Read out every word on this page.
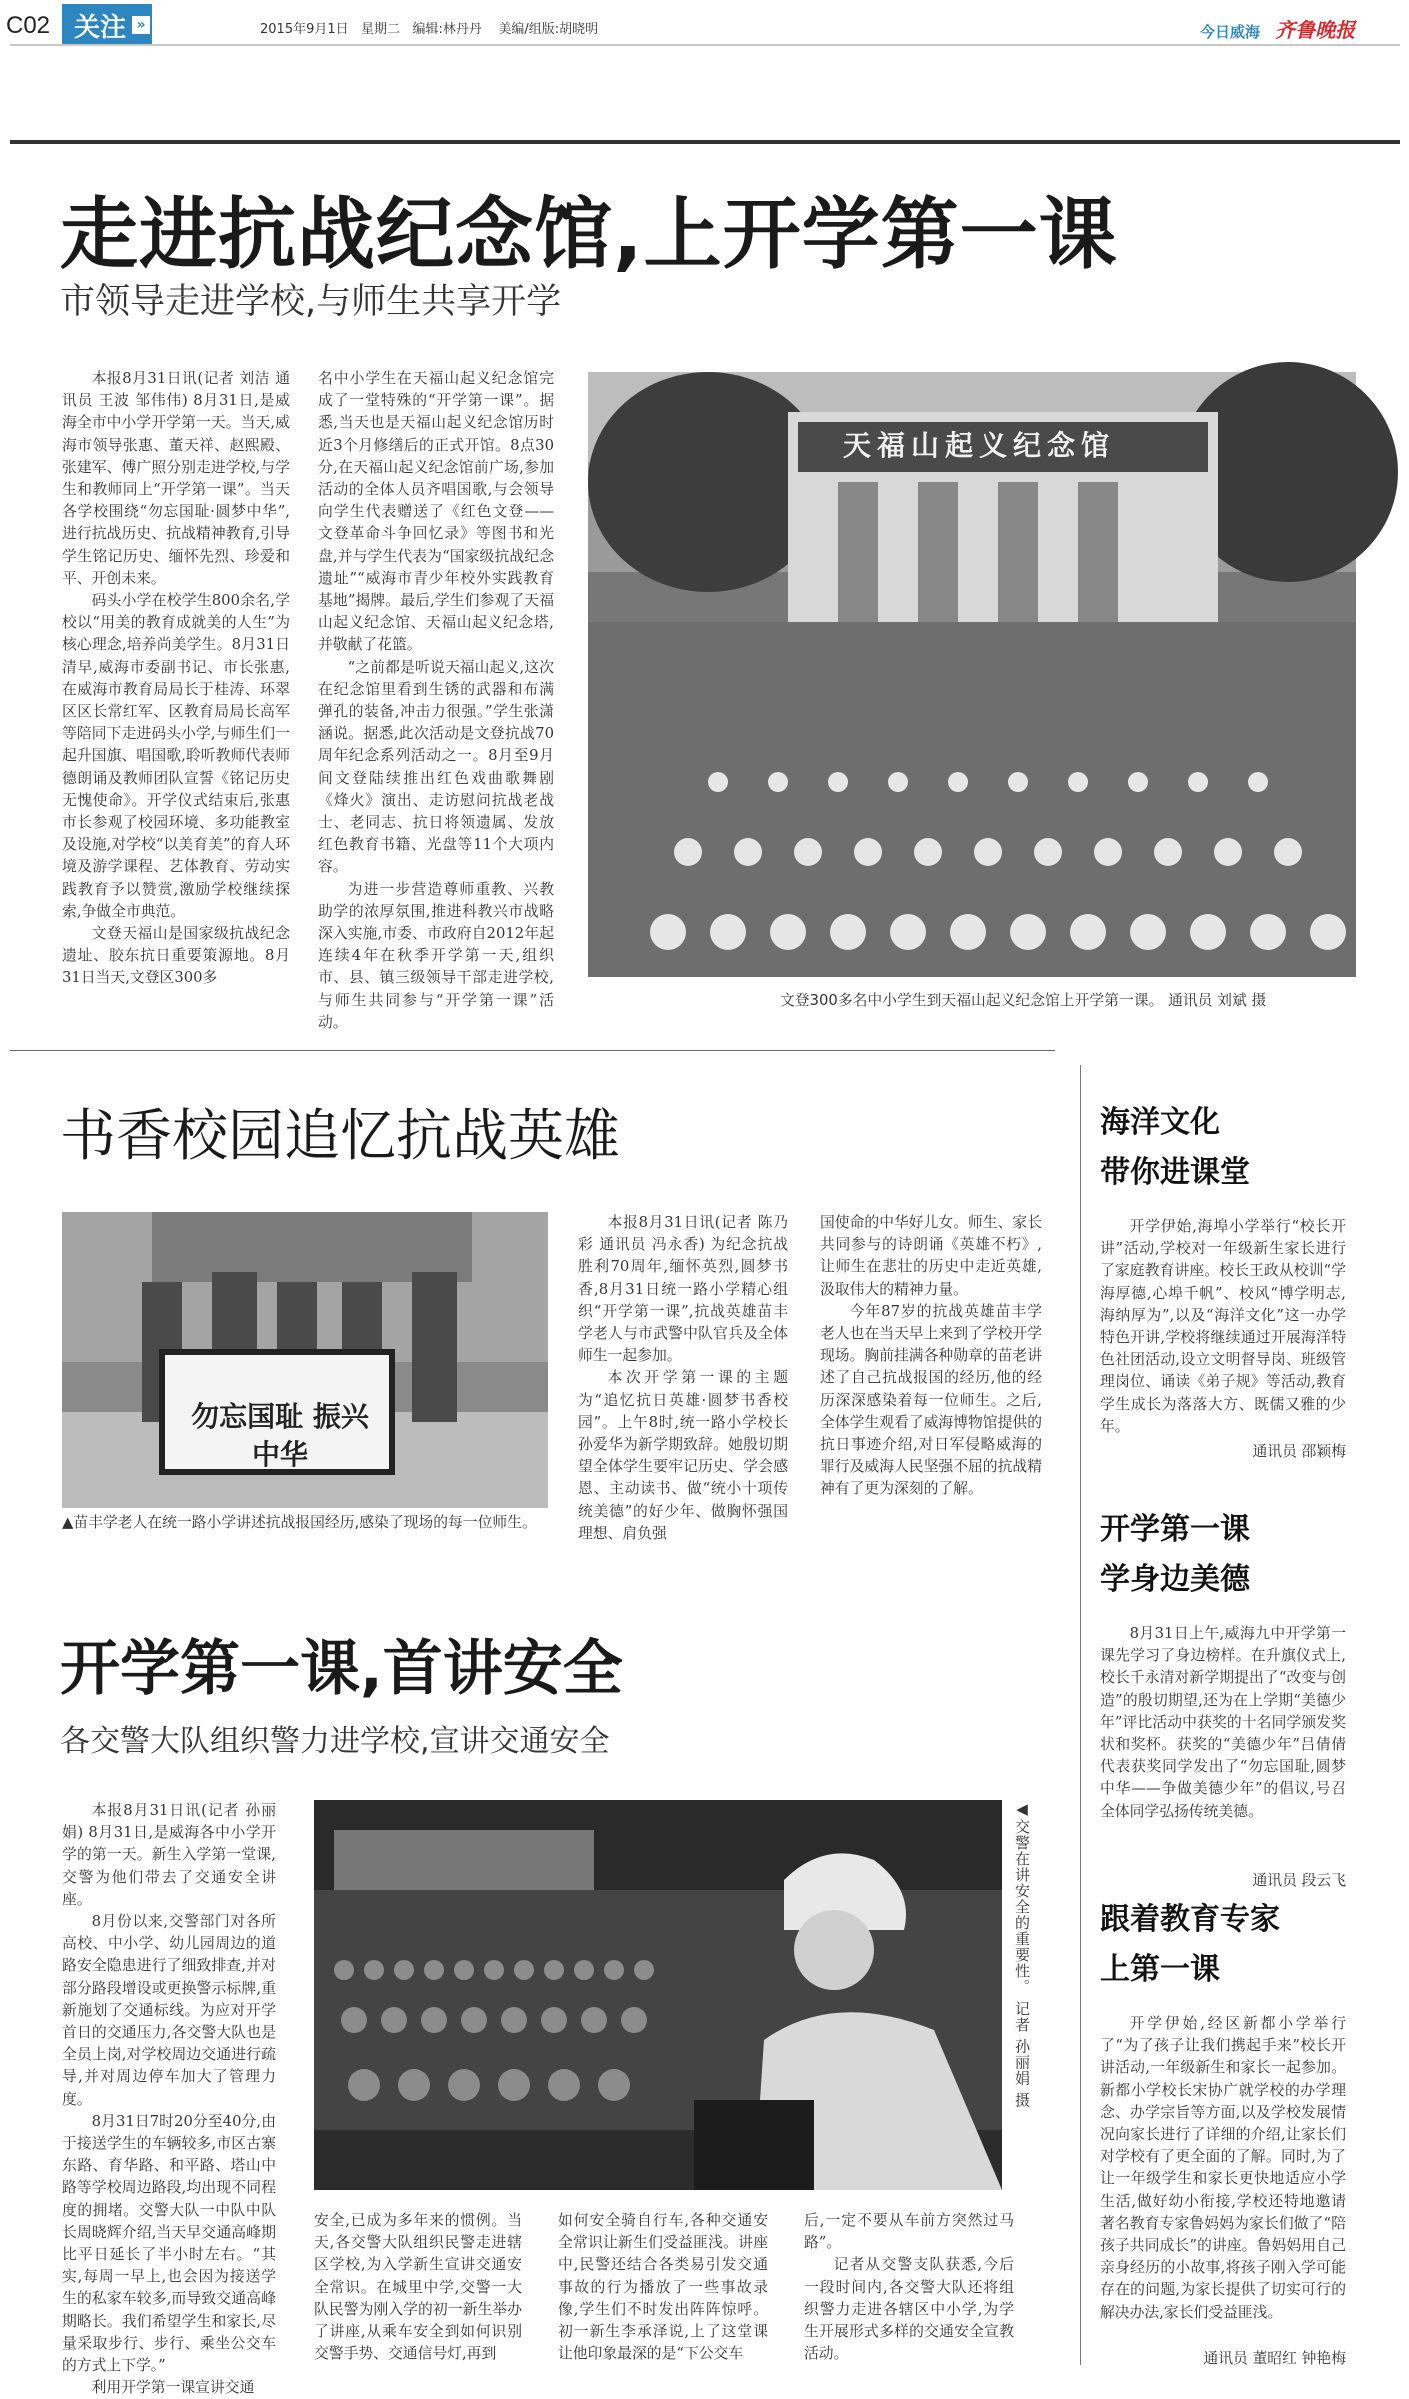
C02 关注 »	2015年9月1日 星期二 编辑:林丹丹 美编/组版:胡晓明	今日威海 齐鲁晚报
走进抗战纪念馆,上开学第一课
市领导走进学校,与师生共享开学

本报8月31日讯(记者 刘洁 通讯员 王波 邹伟伟) 8月31日,是威海全市中小学开学第一天。当天,威海市领导张惠、董天祥、赵熙殿、张建军、傅广照分别走进学校,与学生和教师同上“开学第一课”。当天各学校围绕“勿忘国耻·圆梦中华”,进行抗战历史、抗战精神教育,引导学生铭记历史、缅怀先烈、珍爱和平、开创未来。

码头小学在校学生800余名,学校以“用美的教育成就美的人生”为核心理念,培养尚美学生。8月31日清早,威海市委副书记、市长张惠,在威海市教育局局长于桂涛、环翠区区长常红军、区教育局局长高军等陪同下走进码头小学,与师生们一起升国旗、唱国歌,聆听教师代表师德朗诵及教师团队宣誓《铭记历史 无愧使命》。开学仪式结束后,张惠市长参观了校园环境、多功能教室及设施,对学校“以美育美”的育人环境及游学课程、艺体教育、劳动实践教育予以赞赏,激励学校继续探索,争做全市典范。

文登天福山是国家级抗战纪念遗址、胶东抗日重要策源地。8月31日当天,文登区300多

名中小学生在天福山起义纪念馆完成了一堂特殊的“开学第一课”。据悉,当天也是天福山起义纪念馆历时近3个月修缮后的正式开馆。8点30分,在天福山起义纪念馆前广场,参加活动的全体人员齐唱国歌,与会领导向学生代表赠送了《红色文登——文登革命斗争回忆录》等图书和光盘,并与学生代表为“国家级抗战纪念遗址”“威海市青少年校外实践教育基地”揭牌。最后,学生们参观了天福山起义纪念馆、天福山起义纪念塔,并敬献了花篮。

“之前都是听说天福山起义,这次在纪念馆里看到生锈的武器和布满弹孔的装备,冲击力很强。”学生张潇涵说。据悉,此次活动是文登抗战70周年纪念系列活动之一。8月至9月间文登陆续推出红色戏曲歌舞剧《烽火》演出、走访慰问抗战老战士、老同志、抗日将领遗属、发放红色教育书籍、光盘等11个大项内容。

为进一步营造尊师重教、兴教助学的浓厚氛围,推进科教兴市战略深入实施,市委、市政府自2012年起连续4年在秋季开学第一天,组织市、县、镇三级领导干部走进学校,与师生共同参与“开学第一课”活动。

天福山起义纪念馆
文登300多名中小学生到天福山起义纪念馆上开学第一课。 通讯员 刘斌 摄
书香校园追忆抗战英雄
勿忘国耻 振兴中华
▲苗丰学老人在统一路小学讲述抗战报国经历,感染了现场的每一位师生。

本报8月31日讯(记者 陈乃彩 通讯员 冯永香) 为纪念抗战胜利70周年,缅怀英烈,圆梦书香,8月31日统一路小学精心组织“开学第一课”,抗战英雄苗丰学老人与市武警中队官兵及全体师生一起参加。

本次开学第一课的主题为“追忆抗日英雄·圆梦书香校园”。上午8时,统一路小学校长孙爱华为新学期致辞。她殷切期望全体学生要牢记历史、学会感恩、主动读书、做“统小十项传统美德”的好少年、做胸怀强国理想、肩负强

国使命的中华好儿女。师生、家长共同参与的诗朗诵《英雄不朽》,让师生在悲壮的历史中走近英雄,汲取伟大的精神力量。

今年87岁的抗战英雄苗丰学老人也在当天早上来到了学校开学现场。胸前挂满各种勋章的苗老讲述了自己抗战报国的经历,他的经历深深感染着每一位师生。之后,全体学生观看了威海博物馆提供的抗日事迹介绍,对日军侵略威海的罪行及威海人民坚强不屈的抗战精神有了更为深刻的了解。

开学第一课,首讲安全
各交警大队组织警力进学校,宣讲交通安全

本报8月31日讯(记者 孙丽娟) 8月31日,是威海各中小学开学的第一天。新生入学第一堂课,交警为他们带去了交通安全讲座。

8月份以来,交警部门对各所高校、中小学、幼儿园周边的道路安全隐患进行了细致排查,并对部分路段增设或更换警示标牌,重新施划了交通标线。为应对开学首日的交通压力,各交警大队也是全员上岗,对学校周边交通进行疏导,并对周边停车加大了管理力度。

8月31日7时20分至40分,由于接送学生的车辆较多,市区古寨东路、育华路、和平路、塔山中路等学校周边路段,均出现不同程度的拥堵。交警大队一中队中队长周晓辉介绍,当天早交通高峰期比平日延长了半小时左右。“其实,每周一早上,也会因为接送学生的私家车较多,而导致交通高峰期略长。我们希望学生和家长,尽量采取步行、步行、乘坐公交车的方式上下学。”

利用开学第一课宣讲交通

◀交警在讲安全的重要性。 记者 孙丽娟 摄

安全,已成为多年来的惯例。当天,各交警大队组织民警走进辖区学校,为入学新生宣讲交通安全常识。在城里中学,交警一大队民警为刚入学的初一新生举办了讲座,从乘车安全到如何识别交警手势、交通信号灯,再到

如何安全骑自行车,各种交通安全常识让新生们受益匪浅。讲座中,民警还结合各类易引发交通事故的行为播放了一些事故录像,学生们不时发出阵阵惊呼。初一新生李承泽说,上了这堂课让他印象最深的是“下公交车

后,一定不要从车前方突然过马路”。

记者从交警支队获悉,今后一段时间内,各交警大队还将组织警力走进各辖区中小学,为学生开展形式多样的交通安全宣教活动。

海洋文化
带你进课堂

开学伊始,海埠小学举行“校长开讲”活动,学校对一年级新生家长进行了家庭教育讲座。校长王政从校训“学海厚德,心埠千帆”、校风“博学明志,海纳厚为”,以及“海洋文化”这一办学特色开讲,学校将继续通过开展海洋特色社团活动,设立文明督导岗、班级管理岗位、诵读《弟子规》等活动,教育学生成长为落落大方、既儒又雅的少年。

通讯员 邵颖梅
开学第一课
学身边美德

8月31日上午,威海九中开学第一课先学习了身边榜样。在升旗仪式上,校长千永清对新学期提出了“改变与创造”的殷切期望,还为在上学期“美德少年”评比活动中获奖的十名同学颁发奖状和奖杯。获奖的“美德少年”吕倩倩代表获奖同学发出了“勿忘国耻,圆梦中华——争做美德少年”的倡议,号召全体同学弘扬传统美德。

通讯员 段云飞
跟着教育专家
上第一课

开学伊始,经区新都小学举行了“为了孩子让我们携起手来”校长开讲活动,一年级新生和家长一起参加。新都小学校长宋协广就学校的办学理念、办学宗旨等方面,以及学校发展情况向家长进行了详细的介绍,让家长们对学校有了更全面的了解。同时,为了让一年级学生和家长更快地适应小学生活,做好幼小衔接,学校还特地邀请著名教育专家鲁妈妈为家长们做了“陪孩子共同成长”的讲座。鲁妈妈用自己亲身经历的小故事,将孩子刚入学可能存在的问题,为家长提供了切实可行的解决办法,家长们受益匪浅。

通讯员 董昭红 钟艳梅
